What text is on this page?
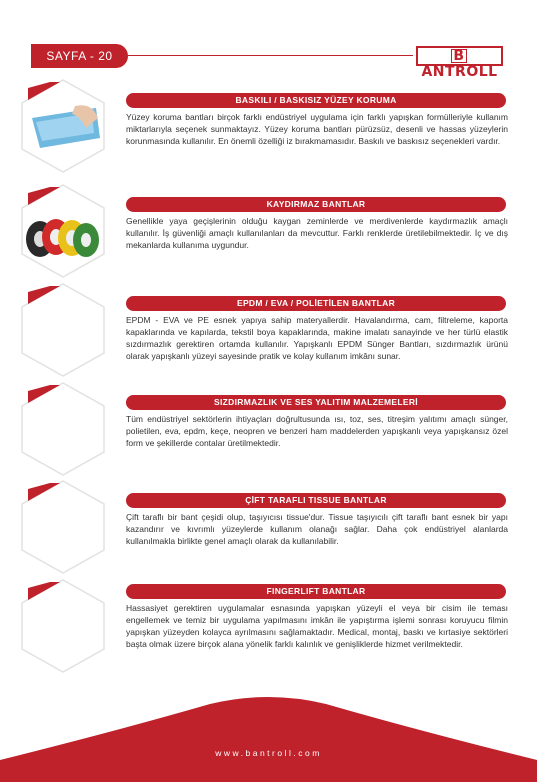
SAYFA - 20	BANTROLL
BASKILI / BASKISIZ YÜZEY KORUMA
Yüzey koruma bantları birçok farklı endüstriyel uygulama için farklı yapışkan formülleriyle kullanım miktarlarıyla seçenek sunmaktayız. Yüzey koruma bantları pürüzsüz, desenli ve hassas yüzeylerin korunmasında kullanılır. En önemli özelliği iz bırakmamasıdır. Baskılı ve baskısız seçenekleri vardır.
KAYDIRMAZ BANTLAR
Genellikle yaya geçişlerinin olduğu kaygan zeminlerde ve merdivenlerde kaydırmazlık amaçlı kullanılır. İş güvenliği amaçlı kullanılanları da mevcuttur. Farklı renklerde üretilebilmektedir. İç ve dış mekanlarda kullanıma uygundur.
EPDM / EVA / POLİETİLEN BANTLAR
EPDM - EVA ve PE esnek yapıya sahip materyallerdir. Havalandırma, cam, filtreleme, kaporta kapaklarında ve kapılarda, tekstil boya kapaklarında, makine imalatı sanayinde ve her türlü elastik sızdırmazlık gerektiren ortamda kullanılır. Yapışkanlı EPDM Sünger Bantları, sızdırmazlık ürünü olarak yapışkanlı yüzeyi sayesinde pratik ve kolay kullanım imkânı sunar.
SIZDIRMAZLIK VE SES YALITIM MALZEMELERİ
Tüm endüstriyel sektörlerin ihtiyaçları doğrultusunda ısı, toz, ses, titreşim yalıtımı amaçlı sünger, polietilen, eva, epdm, keçe, neopren ve benzeri ham maddelerden yapışkanlı veya yapışkansız özel form ve şekillerde contalar üretilmektedir.
ÇİFT TARAFLI TISSUE BANTLAR
Çift taraflı bir bant çeşidi olup, taşıyıcısı tissue'dur. Tissue taşıyıcılı çift taraflı bant esnek bir yapı kazandırır ve kıvrımlı yüzeylerde kullanım olanağı sağlar. Daha çok endüstriyel alanlarda kullanılmakla birlikte genel amaçlı olarak da kullanılabilir.
FINGERLIFT BANTLAR
Hassasiyet gerektiren uygulamalar esnasında yapışkan yüzeyli el veya bir cisim ile teması engellemek ve temiz bir uygulama yapılmasını imkân ile yapıştırma işlemi sonrası koruyucu filmin yapışkan yüzeyden kolayca ayrılmasını sağlamaktadır. Medical, montaj, baskı ve kırtasiye sektörleri başta olmak üzere birçok alana yönelik farklı kalınlık ve genişliklerde hizmet verilmektedir.
www.bantroll.com
